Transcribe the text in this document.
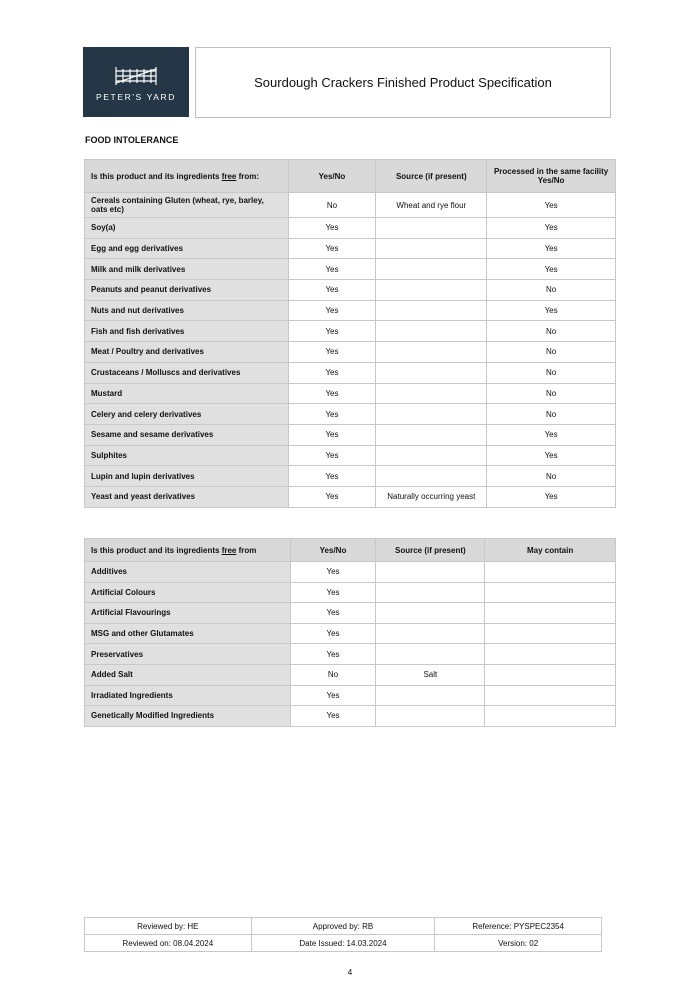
PETER'S YARD
Sourdough Crackers Finished Product Specification
FOOD INTOLERANCE
Is this product and its ingredients free from:	Yes/No	Source (if present)	Processed in the same facility Yes/No
Cereals containing Gluten (wheat, rye, barley, oats etc)	No	Wheat and rye flour	Yes
Soy(a)	Yes		Yes
Egg and egg derivatives	Yes		Yes
Milk and milk derivatives	Yes		Yes
Peanuts and peanut derivatives	Yes		No
Nuts and nut derivatives	Yes		Yes
Fish and fish derivatives	Yes		No
Meat / Poultry and derivatives	Yes		No
Crustaceans / Molluscs and derivatives	Yes		No
Mustard	Yes		No
Celery and celery derivatives	Yes		No
Sesame and sesame derivatives	Yes		Yes
Sulphites	Yes		Yes
Lupin and lupin derivatives	Yes		No
Yeast and yeast derivatives	Yes	Naturally occurring yeast	Yes
Is this product and its ingredients free from	Yes/No	Source (if present)	May contain
Additives	Yes		
Artificial Colours	Yes		
Artificial Flavourings	Yes		
MSG and other Glutamates	Yes		
Preservatives	Yes		
Added Salt	No	Salt	
Irradiated Ingredients	Yes		
Genetically Modified Ingredients	Yes		
Reviewed by: HE	Approved by: RB	Reference: PYSPEC2354
Reviewed on: 08.04.2024	Date Issued: 14.03.2024	Version: 02
4
